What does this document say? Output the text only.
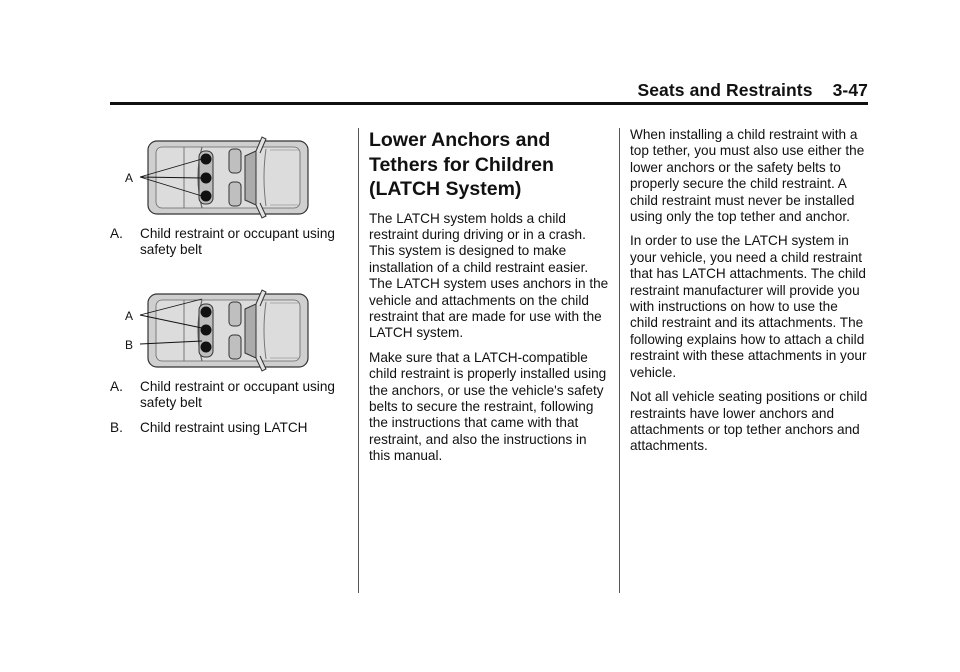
Seats and Restraints 3-47
A

A. Child restraint or occupant using safety belt

A
B

A. Child restraint or occupant using safety belt

B. Child restraint using LATCH

Lower Anchors and Tethers for Children (LATCH System)

The LATCH system holds a child restraint during driving or in a crash. This system is designed to make installation of a child restraint easier. The LATCH system uses anchors in the vehicle and attachments on the child restraint that are made for use with the LATCH system.

Make sure that a LATCH-compatible child restraint is properly installed using the anchors, or use the vehicle's safety belts to secure the restraint, following the instructions that came with that restraint, and also the instructions in this manual.

When installing a child restraint with a top tether, you must also use either the lower anchors or the safety belts to properly secure the child restraint. A child restraint must never be installed using only the top tether and anchor.

In order to use the LATCH system in your vehicle, you need a child restraint that has LATCH attachments. The child restraint manufacturer will provide you with instructions on how to use the child restraint and its attachments. The following explains how to attach a child restraint with these attachments in your vehicle.

Not all vehicle seating positions or child restraints have lower anchors and attachments or top tether anchors and attachments.
